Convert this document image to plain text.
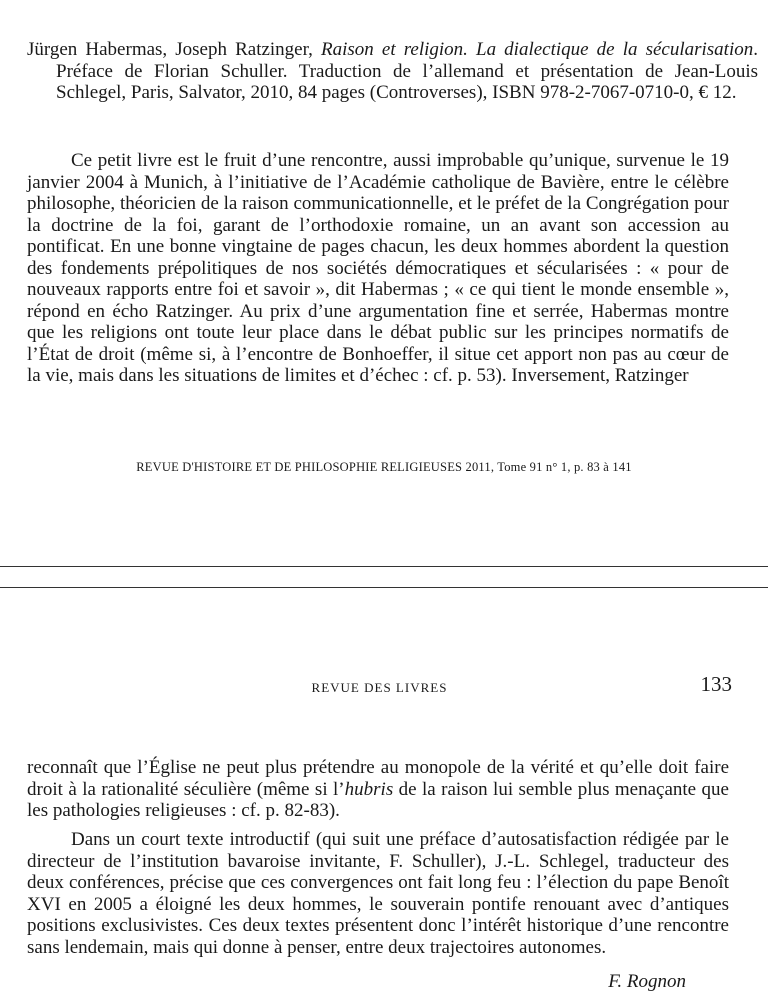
Jürgen Habermas, Joseph Ratzinger, Raison et religion. La dialectique de la sécularisation. Préface de Florian Schuller. Traduction de l’allemand et présentation de Jean-Louis Schlegel, Paris, Salvator, 2010, 84 pages (Controverses), ISBN 978-2-7067-0710-0, € 12.

Ce petit livre est le fruit d’une rencontre, aussi improbable qu’unique, survenue le 19 janvier 2004 à Munich, à l’initiative de l’Académie catholique de Bavière, entre le célèbre philosophe, théoricien de la raison communicationnelle, et le préfet de la Congrégation pour la doctrine de la foi, garant de l’orthodoxie romaine, un an avant son accession au pontificat. En une bonne vingtaine de pages chacun, les deux hommes abordent la question des fondements prépolitiques de nos sociétés démocratiques et sécularisées : « pour de nouveaux rapports entre foi et savoir », dit Habermas ; « ce qui tient le monde ensemble », répond en écho Ratzinger. Au prix d’une argumentation fine et serrée, Habermas montre que les religions ont toute leur place dans le débat public sur les principes normatifs de l’État de droit (même si, à l’encontre de Bonhoeffer, il situe cet apport non pas au cœur de la vie, mais dans les situations de limites et d’échec : cf. p. 53). Inversement, Ratzinger

REVUE D'HISTOIRE ET DE PHILOSOPHIE RELIGIEUSES 2011, Tome 91 n° 1, p. 83 à 141
REVUE DES LIVRES	133

reconnaît que l’Église ne peut plus prétendre au monopole de la vérité et qu’elle doit faire droit à la rationalité séculière (même si l’hubris de la raison lui semble plus menaçante que les pathologies religieuses : cf. p. 82-83).

Dans un court texte introductif (qui suit une préface d’autosatisfaction rédigée par le directeur de l’institution bavaroise invitante, F. Schuller), J.-L. Schlegel, traducteur des deux conférences, précise que ces convergences ont fait long feu : l’élection du pape Benoît XVI en 2005 a éloigné les deux hommes, le souverain pontife renouant avec d’antiques positions exclusivistes. Ces deux textes présentent donc l’intérêt historique d’une rencontre sans lendemain, mais qui donne à penser, entre deux trajectoires autonomes.

F. Rognon
